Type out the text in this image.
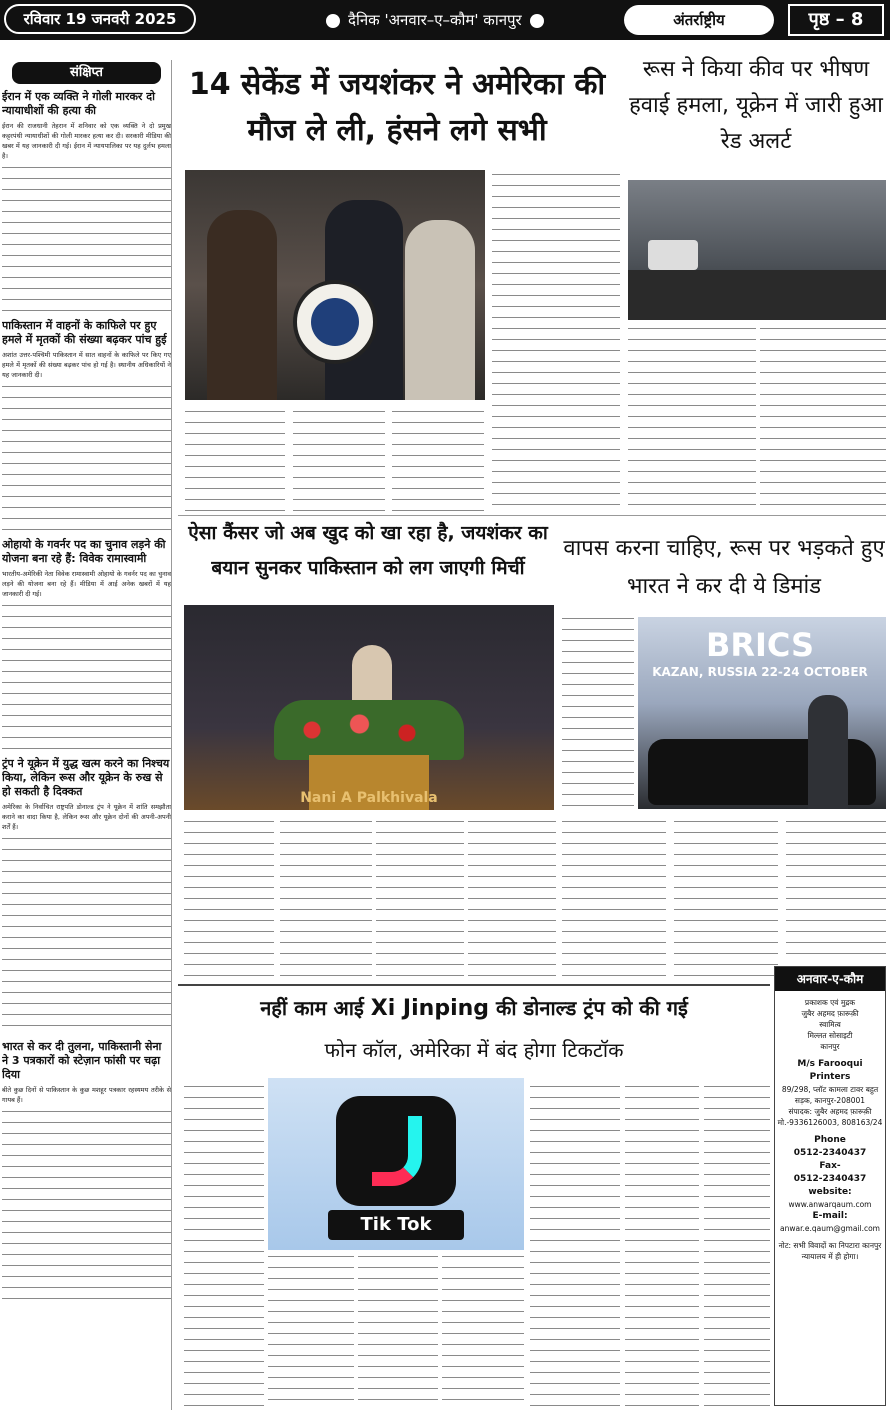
रविवार 19 जनवरी 2025	दैनिक 'अनवार–ए–कौम' कानपुर	अंतर्राष्ट्रीय	पृष्ठ – 8
संक्षिप्त
ईरान में एक व्यक्ति ने गोली मारकर दो न्यायाधीशों की हत्या की

ईरान की राजधानी तेहरान में शनिवार को एक व्यक्ति ने दो प्रमुख कट्टरपंथी न्यायाधीशों की गोली मारकर हत्या कर दी। सरकारी मीडिया की खबर में यह जानकारी दी गई। ईरान में न्यायपालिका पर यह दुर्लभ हमला है।

पाकिस्तान में वाहनों के काफिले पर हुए हमले में मृतकों की संख्या बढ़कर पांच हुई

अशांत उत्तर-पश्चिमी पाकिस्तान में सात वाहनों के काफिले पर किए गए हमले में मृतकों की संख्या बढ़कर पांच हो गई है। स्थानीय अधिकारियों ने यह जानकारी दी।

ओहायो के गवर्नर पद का चुनाव लड़ने की योजना बना रहे हैं: विवेक रामास्वामी

भारतीय-अमेरिकी नेता विवेक रामास्वामी ओहायो के गवर्नर पद का चुनाव लड़ने की योजना बना रहे हैं। मीडिया में आई अनेक खबरों में यह जानकारी दी गई।

ट्रंप ने यूक्रेन में युद्ध खत्म करने का निश्चय किया, लेकिन रूस और यूक्रेन के रुख से हो सकती है दिक्कत

अमेरिका के निर्वाचित राष्ट्रपति डोनाल्ड ट्रंप ने यूक्रेन में शांति समझौता कराने का वादा किया है, लेकिन रूस और यूक्रेन दोनों की अपनी-अपनी शर्तें हैं।

भारत से कर दी तुलना, पाकिस्तानी सेना ने 3 पत्रकारों को स्टेज़ान फांसी पर चढ़ा दिया

बीते कुछ दिनों से पाकिस्तान के कुछ मशहूर पत्रकार रहस्यमय तरीके से गायब हैं।

14 सेकेंड में जयशंकर ने अमेरिका की मौज ले ली, हंसने लगे सभी
रूस ने किया कीव पर भीषण हवाई हमला, यूक्रेन में जारी हुआ रेड अलर्ट
ऐसा कैंसर जो अब खुद को खा रहा है, जयशंकर का बयान सुनकर पाकिस्तान को लग जाएगी मिर्ची
Nani A Palkhivala
वापस करना चाहिए, रूस पर भड़कते हुए भारत ने कर दी ये डिमांड
BRICS
KAZAN, RUSSIA 22-24 OCTOBER
नहीं काम आई Xi Jinping की डोनाल्ड ट्रंप को की गई
फोन कॉल, अमेरिका में बंद होगा टिकटॉक
Tik Tok
अनवार-ए-कौम
प्रकाशक एवं मुद्रक
जुबैर अहमद फ़ारूक़ी
स्वामित्व
मिल्लत सोसाइटी
कानपुर
M/s Farooqui Printers
89/298, प्लॉट कामला टावर बहुत सड़क, कानपुर-208001
संपादक: जुबैर अहमद फ़ारूक़ी
मो.-9336126003, 808163/24
Phone
0512-2340437
Fax-
0512-2340437
website:
www.anwarqaum.com
E-mail:
anwar.e.qaum@gmail.com
नोट: सभी विवादों का निपटारा कानपुर न्यायालय में ही होगा।
